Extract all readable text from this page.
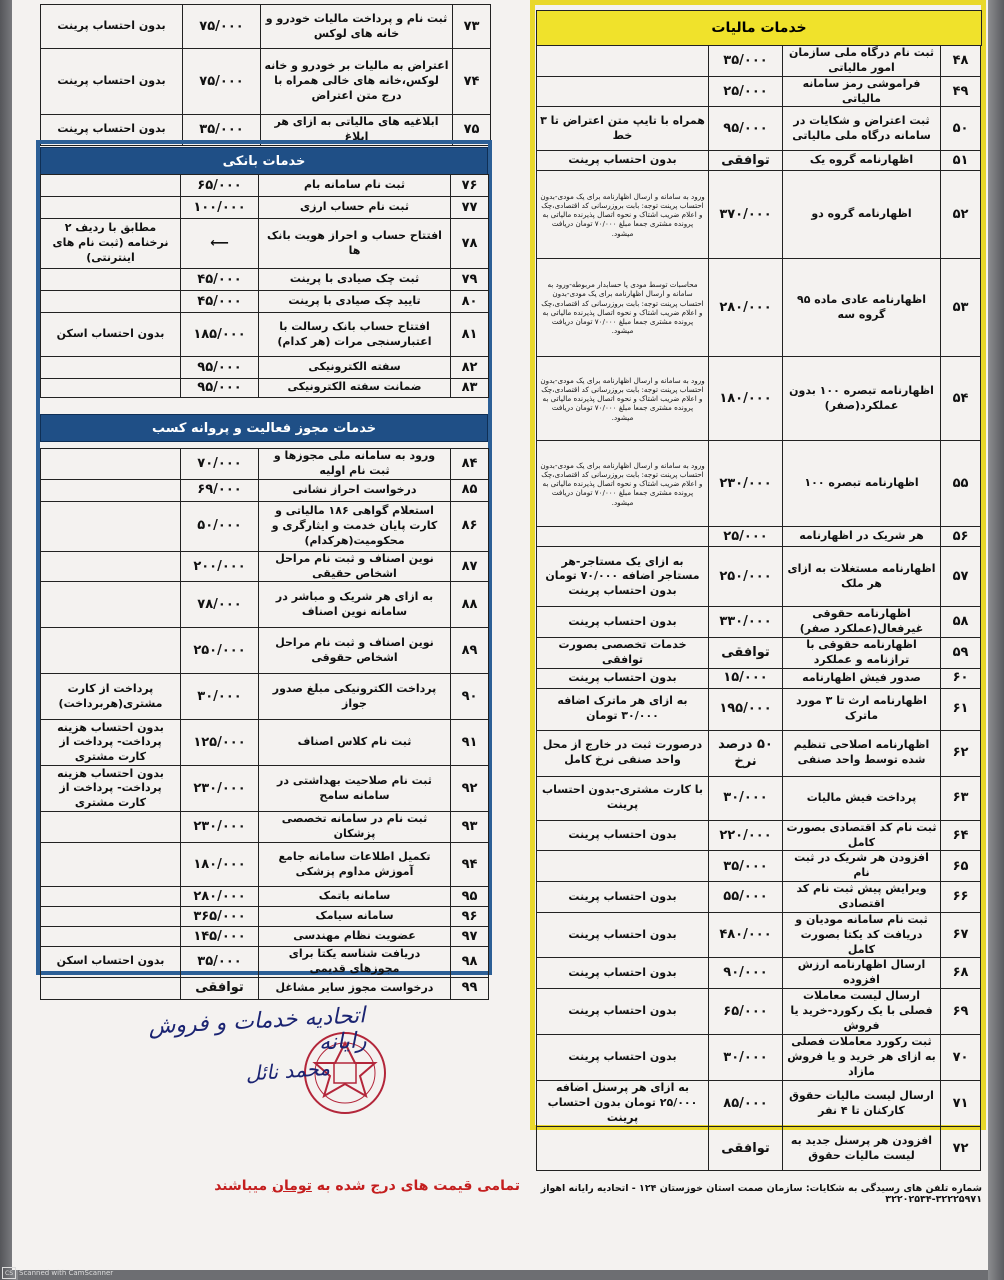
خدمات مالیات
۴۸	ثبت نام درگاه ملی سازمان امور مالیاتی	۳۵/۰۰۰	
۴۹	فراموشی رمز سامانه مالیاتی	۲۵/۰۰۰	
۵۰	ثبت اعتراض و شکایات در سامانه درگاه ملی مالیاتی	۹۵/۰۰۰	همراه با تایپ متن اعتراض تا ۳ خط
۵۱	اظهارنامه گروه یک	توافقی	بدون احتساب پرینت
۵۲	اظهارنامه گروه دو	۳۷۰/۰۰۰	ورود به سامانه و ارسال اظهارنامه برای یک مودی-بدون احتساب پرینت توجه: بابت بروزرسانی کد اقتصادی،چک و اعلام ضریب اشتاک و نحوه اتصال پذیرنده مالیاتی به پرونده مشتری جمعا مبلغ ۷۰/۰۰۰ تومان دریافت میشود.
۵۳	اظهارنامه عادی ماده ۹۵ گروه سه	۲۸۰/۰۰۰	محاسبات توسط مودی یا حسابدار مربوطه-ورود به سامانه و ارسال اظهارنامه برای یک مودی-بدون احتساب پرینت توجه: بابت بروزرسانی کد اقتصادی،چک و اعلام ضریب اشتاک و نحوه اتصال پذیرنده مالیاتی به پرونده مشتری جمعا مبلغ ۷۰/۰۰۰ تومان دریافت میشود.
۵۴	اظهارنامه تبصره ۱۰۰ بدون عملکرد(صفر)	۱۸۰/۰۰۰	ورود به سامانه و ارسال اظهارنامه برای یک مودی-بدون احتساب پرینت توجه: بابت بروزرسانی کد اقتصادی،چک و اعلام ضریب اشتاک و نحوه اتصال پذیرنده مالیاتی به پرونده مشتری جمعا مبلغ ۷۰/۰۰۰ تومان دریافت میشود.
۵۵	اظهارنامه تبصره ۱۰۰	۲۳۰/۰۰۰	ورود به سامانه و ارسال اظهارنامه برای یک مودی-بدون احتساب پرینت توجه: بابت بروزرسانی کد اقتصادی،چک و اعلام ضریب اشتاک و نحوه اتصال پذیرنده مالیاتی به پرونده مشتری جمعا مبلغ ۷۰/۰۰۰ تومان دریافت میشود.
۵۶	هر شریک در اظهارنامه	۲۵/۰۰۰	
۵۷	اظهارنامه مستغلات به ازای هر ملک	۲۵۰/۰۰۰	به ازای یک مستاجر-هر مستاجر اضافه ۷۰/۰۰۰ تومان بدون احتساب پرینت
۵۸	اظهارنامه حقوقی غیرفعال(عملکرد صفر)	۳۳۰/۰۰۰	بدون احتساب پرینت
۵۹	اظهارنامه حقوقی با ترازنامه و عملکرد	توافقی	خدمات تخصصی بصورت توافقی
۶۰	صدور فیش اظهارنامه	۱۵/۰۰۰	بدون احتساب پرینت
۶۱	اظهارنامه ارث تا ۳ مورد ماترک	۱۹۵/۰۰۰	به ازای هر ماترک اضافه ۳۰/۰۰۰ تومان
۶۲	اظهارنامه اصلاحی تنظیم شده توسط واحد صنفی	۵۰ درصد نرخ	درصورت ثبت در خارج از محل واحد صنفی نرخ کامل
۶۳	پرداخت فیش مالیات	۳۰/۰۰۰	با کارت مشتری-بدون احتساب پرینت
۶۴	ثبت نام کد اقتصادی بصورت کامل	۲۲۰/۰۰۰	بدون احتساب پرینت
۶۵	افزودن هر شریک در ثبت نام	۳۵/۰۰۰	
۶۶	ویرایش پیش ثبت نام کد اقتصادی	۵۵/۰۰۰	بدون احتساب پرینت
۶۷	ثبت نام سامانه مودیان و دریافت کد یکتا بصورت کامل	۴۸۰/۰۰۰	بدون احتساب پرینت
۶۸	ارسال اظهارنامه ارزش افزوده	۹۰/۰۰۰	بدون احتساب پرینت
۶۹	ارسال لیست معاملات فصلی با یک رکورد-خرید یا فروش	۶۵/۰۰۰	بدون احتساب پرینت
۷۰	ثبت رکورد معاملات فصلی به ازای هر خرید و یا فروش مازاد	۳۰/۰۰۰	بدون احتساب پرینت
۷۱	ارسال لیست مالیات حقوق کارکنان تا ۴ نفر	۸۵/۰۰۰	به ازای هر پرسنل اضافه ۲۵/۰۰۰ تومان بدون احتساب پرینت
۷۲	افزودن هر پرسنل جدید به لیست مالیات حقوق	توافقی	
۷۳	ثبت نام و پرداخت مالیات خودرو و خانه های لوکس	۷۵/۰۰۰	بدون احتساب پرینت
۷۴	اعتراض به مالیات بر خودرو و خانه لوکس،خانه های خالی همراه با درج متن اعتراض	۷۵/۰۰۰	بدون احتساب پرینت
۷۵	ابلاغیه های مالیاتی به ازای هر ابلاغ	۳۵/۰۰۰	بدون احتساب پرینت
خدمات بانکی
۷۶	ثبت نام سامانه بام	۶۵/۰۰۰	
۷۷	ثبت نام حساب ارزی	۱۰۰/۰۰۰	
۷۸	افتتاح حساب و احراز هویت بانک ها	⟵	مطابق با ردیف ۲ نرخنامه (ثبت نام های اینترنتی)
۷۹	ثبت چک صیادی با پرینت	۴۵/۰۰۰	
۸۰	تایید چک صیادی با پرینت	۴۵/۰۰۰	
۸۱	افتتاح حساب بانک رسالت با اعتبارسنجی مرات (هر کدام)	۱۸۵/۰۰۰	بدون احتساب اسکن
۸۲	سفته الکترونیکی	۹۵/۰۰۰	
۸۳	ضمانت سفته الکترونیکی	۹۵/۰۰۰	
خدمات مجوز فعالیت و پروانه کسب
۸۴	ورود به سامانه ملی مجوزها و ثبت نام اولیه	۷۰/۰۰۰	
۸۵	درخواست احراز نشانی	۶۹/۰۰۰	
۸۶	استعلام گواهی ۱۸۶ مالیاتی و کارت پایان خدمت و ایثارگری و محکومیت(هرکدام)	۵۰/۰۰۰	
۸۷	نوین اصناف و ثبت نام مراحل اشخاص حقیقی	۲۰۰/۰۰۰	
۸۸	به ازای هر شریک و مباشر در سامانه نوین اصناف	۷۸/۰۰۰	
۸۹	نوین اصناف و ثبت نام مراحل اشخاص حقوقی	۲۵۰/۰۰۰	
۹۰	پرداخت الکترونیکی مبلغ صدور جواز	۳۰/۰۰۰	پرداخت از کارت مشتری(هربرداخت)
۹۱	ثبت نام کلاس اصناف	۱۲۵/۰۰۰	بدون احتساب هزینه پرداخت- پرداخت از کارت مشتری
۹۲	ثبت نام صلاحیت بهداشتی در سامانه سامح	۲۳۰/۰۰۰	بدون احتساب هزینه پرداخت- پرداخت از کارت مشتری
۹۳	ثبت نام در سامانه تخصصی پزشکان	۲۳۰/۰۰۰	
۹۴	تکمیل اطلاعات سامانه جامع آموزش مداوم پزشکی	۱۸۰/۰۰۰	
۹۵	سامانه باتمک	۲۸۰/۰۰۰	
۹۶	سامانه سیامک	۳۶۵/۰۰۰	
۹۷	عضویت نظام مهندسی	۱۴۵/۰۰۰	
۹۸	دریافت شناسه یکتا برای مجوزهای قدیمی	۳۵/۰۰۰	بدون احتساب اسکن
۹۹	درخواست مجوز سایر مشاغل	توافقی	
اتحادیه خدمات و فروش رایانه
محمد نائل
تمامی قیمت های درج شده به تومان میباشند	شماره تلفن های رسیدگی به شکایات: سازمان صمت استان خوزستان ۱۲۴ - اتحادیه رایانه اهواز ۳۲۲۲۵۹۷۱-۳۲۲۰۲۵۳۴
CS Scanned with CamScanner
